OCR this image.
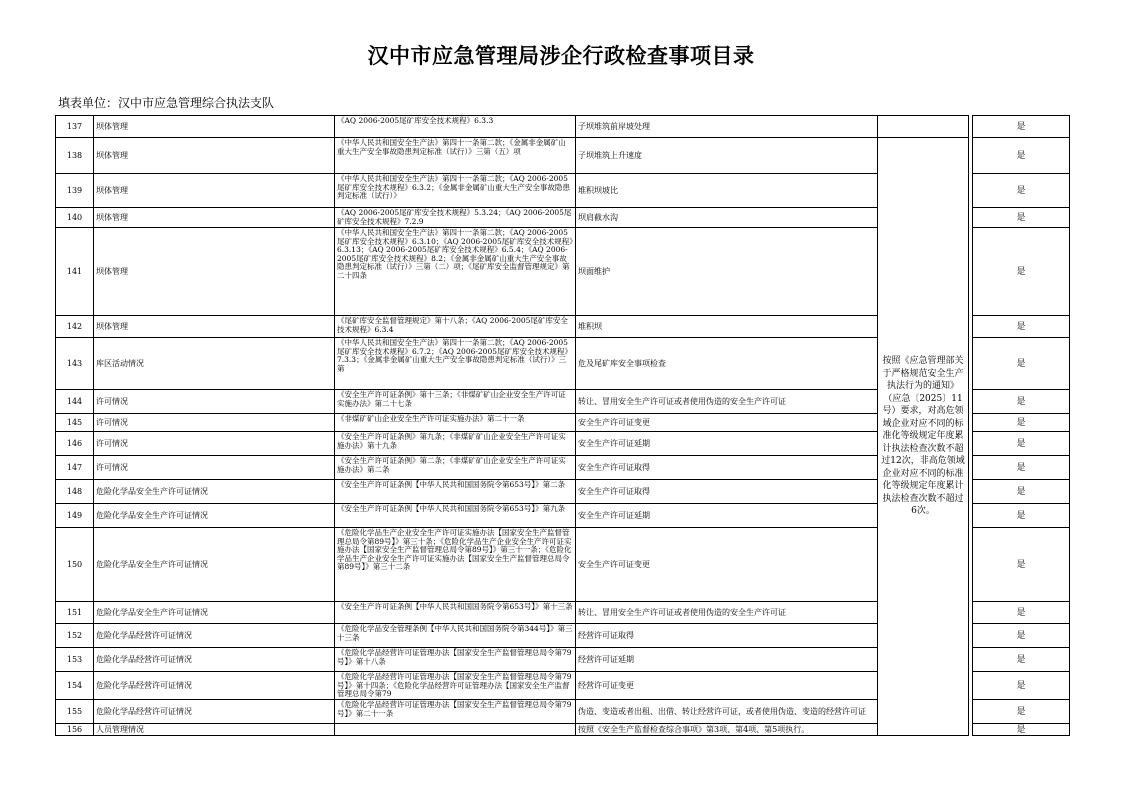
汉中市应急管理局涉企行政检查事项目录
填表单位：汉中市应急管理综合执法支队
137	坝体管理	《AQ 2006-2005尾矿库安全技术规程》6.3.3	子坝堆筑前岸坡处理			是
138	坝体管理	《中华人民共和国安全生产法》第四十一条第二款；《金属非金属矿山重大生产安全事故隐患判定标准（试行）》三第（五）项	子坝堆筑上升速度	按照《应急管理部关于严格规范安全生产执法行为的通知》（应急〔2025〕11号）要求，对高危领域企业对应不同的标准化等级规定年度累计执法检查次数不超过12次，非高危领域企业对应不同的标准化等级规定年度累计执法检查次数不超过6次。		是
139	坝体管理	《中华人民共和国安全生产法》第四十一条第二款；《AQ 2006-2005尾矿库安全技术规程》6.3.2；《金属非金属矿山重大生产安全事故隐患判定标准（试行）》	堆积坝坡比			是
140	坝体管理	《AQ 2006-2005尾矿库安全技术规程》5.3.24；《AQ 2006-2005尾矿库安全技术规程》7.2.9	坝肩截水沟			是
141	坝体管理	《中华人民共和国安全生产法》第四十一条第二款；《AQ 2006-2005尾矿库安全技术规程》6.3.10；《AQ 2006-2005尾矿库安全技术规程》6.3.13；《AQ 2006-2005尾矿库安全技术规程》6.5.4；《AQ 2006-2005尾矿库安全技术规程》8.2；《金属非金属矿山重大生产安全事故隐患判定标准（试行）》三第（二）项；《尾矿库安全监督管理规定》第二十四条	坝面维护			是
142	坝体管理	《尾矿库安全监督管理规定》第十八条；《AQ 2006-2005尾矿库安全技术规程》6.3.4	堆积坝			是
143	库区活动情况	《中华人民共和国安全生产法》第四十一条第二款；《AQ 2006-2005尾矿库安全技术规程》6.7.2；《AQ 2006-2005尾矿库安全技术规程》7.3.3；《金属非金属矿山重大生产安全事故隐患判定标准（试行）》三第	危及尾矿库安全事项检查			是
144	许可情况	《安全生产许可证条例》第十三条；《非煤矿矿山企业安全生产许可证实施办法》第二十七条	转让、冒用安全生产许可证或者使用伪造的安全生产许可证			是
145	许可情况	《非煤矿矿山企业安全生产许可证实施办法》第二十一条	安全生产许可证变更			是
146	许可情况	《安全生产许可证条例》第九条；《非煤矿矿山企业安全生产许可证实施办法》第十九条	安全生产许可证延期			是
147	许可情况	《安全生产许可证条例》第二条；《非煤矿矿山企业安全生产许可证实施办法》第二条	安全生产许可证取得			是
148	危险化学品安全生产许可证情况	《安全生产许可证条例【中华人民共和国国务院令第653号】》第二条	安全生产许可证取得			是
149	危险化学品安全生产许可证情况	《安全生产许可证条例【中华人民共和国国务院令第653号】》第九条	安全生产许可证延期			是
150	危险化学品安全生产许可证情况	《危险化学品生产企业安全生产许可证实施办法【国家安全生产监督管理总局令第89号】》第三十条；《危险化学品生产企业安全生产许可证实施办法【国家安全生产监督管理总局令第89号】》第三十一条；《危险化学品生产企业安全生产许可证实施办法【国家安全生产监督管理总局令第89号】》第三十二条	安全生产许可证变更			是
151	危险化学品安全生产许可证情况	《安全生产许可证条例【中华人民共和国国务院令第653号】》第十三条	转让、冒用安全生产许可证或者使用伪造的安全生产许可证			是
152	危险化学品经营许可证情况	《危险化学品安全管理条例【中华人民共和国国务院令第344号】》第三十三条	经营许可证取得			是
153	危险化学品经营许可证情况	《危险化学品经营许可证管理办法【国家安全生产监督管理总局令第79号】》第十八条	经营许可证延期			是
154	危险化学品经营许可证情况	《危险化学品经营许可证管理办法【国家安全生产监督管理总局令第79号】》第十四条；《危险化学品经营许可证管理办法【国家安全生产监督管理总局令第79	经营许可证变更			是
155	危险化学品经营许可证情况	《危险化学品经营许可证管理办法【国家安全生产监督管理总局令第79号】》第二十一条	伪造、变造或者出租、出借、转让经营许可证，或者使用伪造、变造的经营许可证			是
156	人员管理情况		按照《安全生产监督检查综合事项》第3项、第4项、第5项执行。			是
